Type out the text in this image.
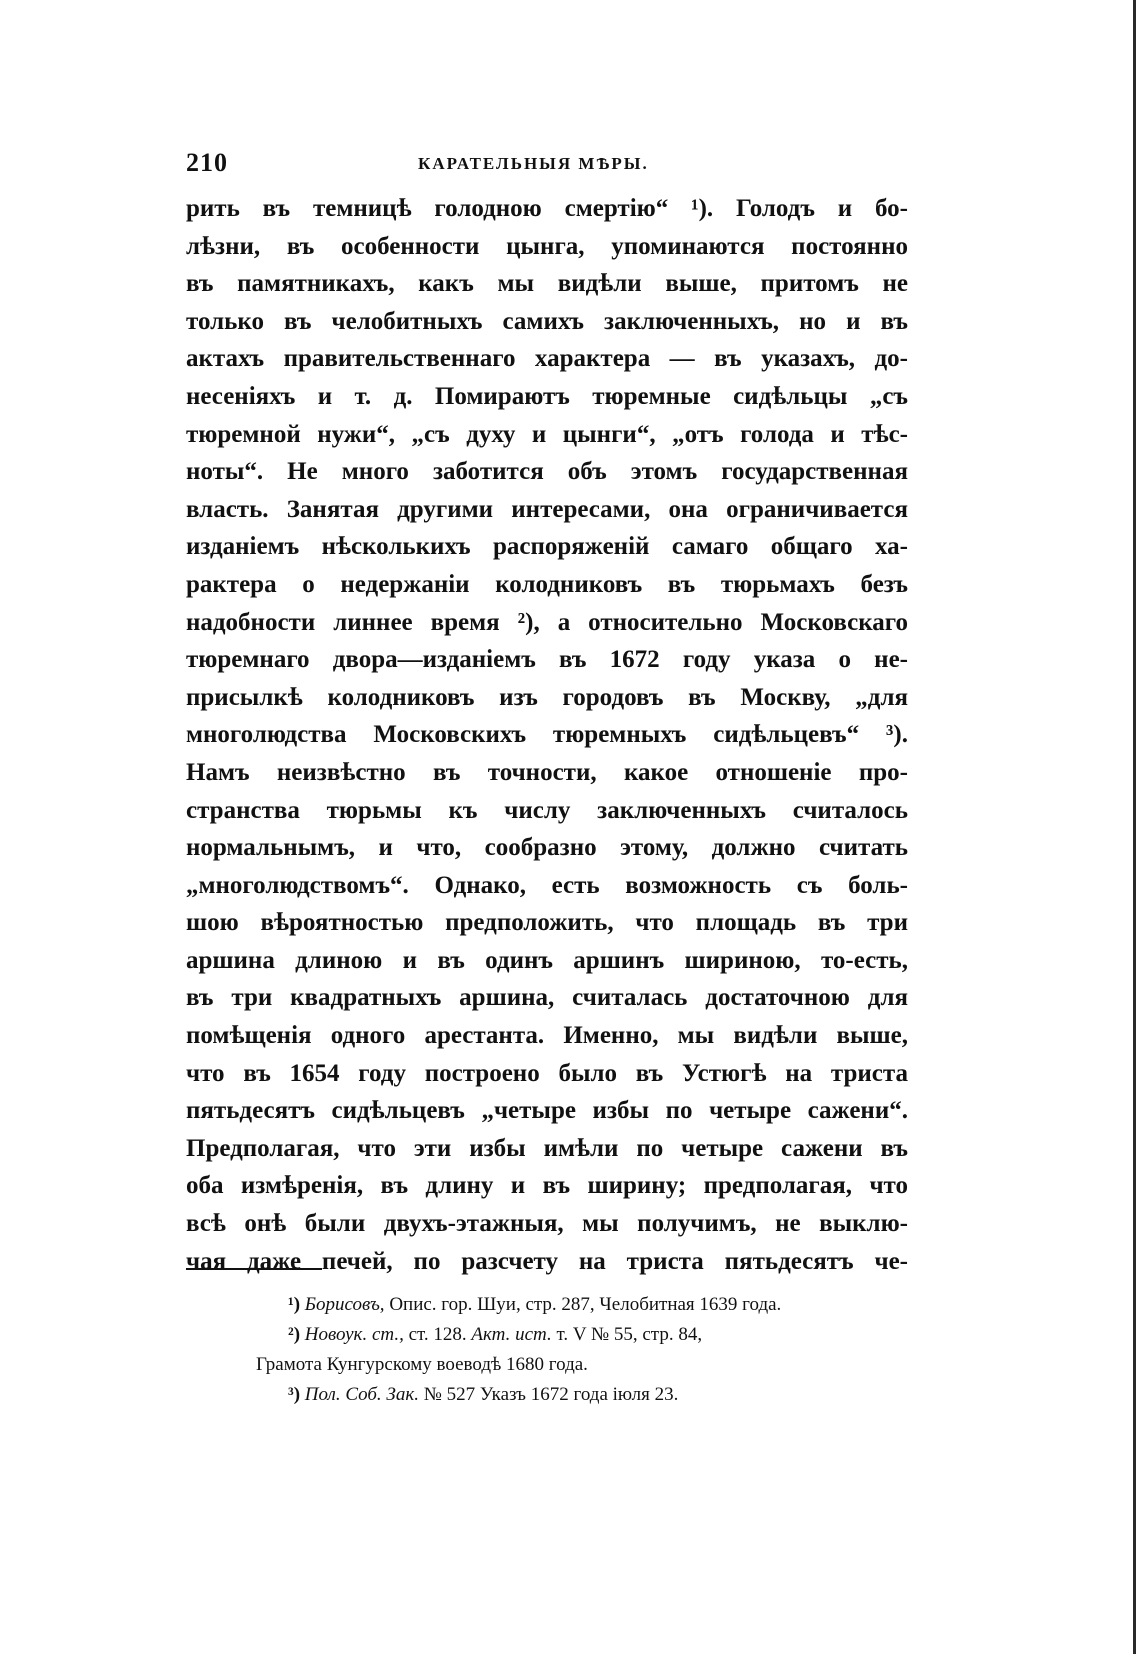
210	КАРАТЕЛЬНЫЯ МѢРЫ.
рить въ темницѣ голодною смертію“ ¹). Голодъ и бо-
лѣзни, въ особенности цынга, упоминаются постоянно
въ памятникахъ, какъ мы видѣли выше, притомъ не
только въ челобитныхъ самихъ заключенныхъ, но и въ
актахъ правительственнаго характера — въ указахъ, до-
несеніяхъ и т. д. Помираютъ тюремные сидѣльцы „съ
тюремной нужи“, „съ духу и цынги“, „отъ голода и тѣс-
ноты“. Не много заботится объ этомъ государственная
власть. Занятая другими интересами, она ограничивается
изданіемъ нѣсколькихъ распоряженій самаго общаго ха-
рактера о недержаніи колодниковъ въ тюрьмахъ безъ
надобности линнее время ²), а относительно Московскаго
тюремнаго двора—изданіемъ въ 1672 году указа о не-
присылкѣ колодниковъ изъ городовъ въ Москву, „для
многолюдства Московскихъ тюремныхъ сидѣльцевъ“ ³).
Намъ неизвѣстно въ точности, какое отношеніе про-
странства тюрьмы къ числу заключенныхъ считалось
нормальнымъ, и что, сообразно этому, должно считать
„многолюдствомъ“. Однако, есть возможность съ боль-
шою вѣроятностью предположить, что площадь въ три
аршина длиною и въ одинъ аршинъ шириною, то-есть,
въ три квадратныхъ аршина, считалась достаточною для
помѣщенія одного арестанта. Именно, мы видѣли выше,
что въ 1654 году построено было въ Устюгѣ на триста
пятьдесятъ сидѣльцевъ „четыре избы по четыре сажени“.
Предполагая, что эти избы имѣли по четыре сажени въ
оба измѣренія, въ длину и въ ширину; предполагая, что
всѣ онѣ были двухъ-этажныя, мы получимъ, не выклю-
чая даже печей, по разсчету на триста пятьдесятъ че-
¹) Борисовъ, Опис. гор. Шуи, стр. 287, Челобитная 1639 года.
²) Новоук. ст., ст. 128. Акт. ист. т. V № 55, стр. 84,
Грамота Кунгурскому воеводѣ 1680 года.
³) Пол. Соб. Зак. № 527 Указъ 1672 года іюля 23.
